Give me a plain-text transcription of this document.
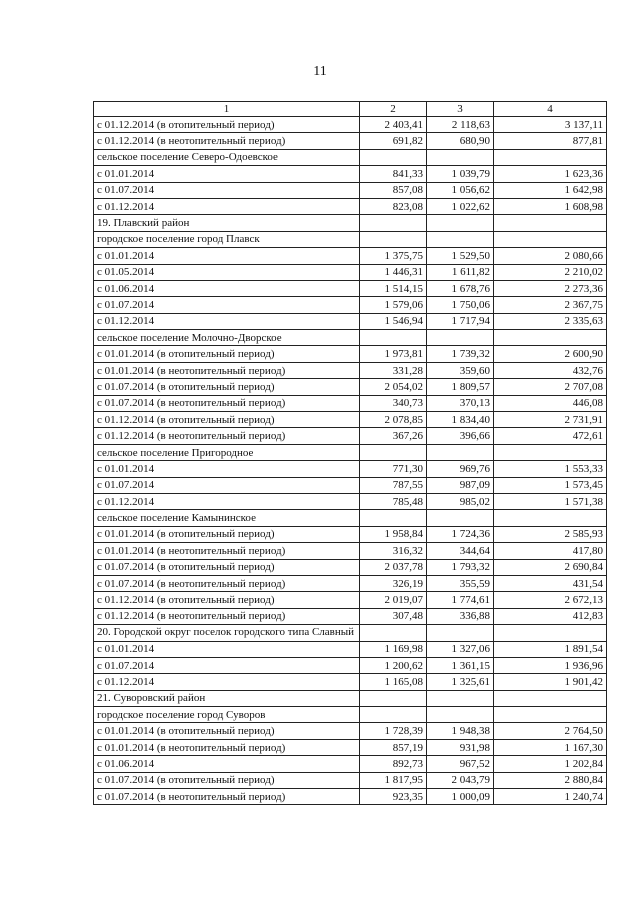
11
1	2	3	4
с 01.12.2014 (в отопительный период)	2 403,41	2 118,63	3 137,11
с 01.12.2014 (в неотопительный период)	691,82	680,90	877,81
сельское поселение Северо-Одоевское			
с 01.01.2014	841,33	1 039,79	1 623,36
с 01.07.2014	857,08	1 056,62	1 642,98
с 01.12.2014	823,08	1 022,62	1 608,98
19. Плавский район			
городское поселение город Плавск			
с 01.01.2014	1 375,75	1 529,50	2 080,66
с 01.05.2014	1 446,31	1 611,82	2 210,02
с 01.06.2014	1 514,15	1 678,76	2 273,36
с 01.07.2014	1 579,06	1 750,06	2 367,75
с 01.12.2014	1 546,94	1 717,94	2 335,63
сельское поселение Молочно-Дворское			
с 01.01.2014 (в отопительный период)	1 973,81	1 739,32	2 600,90
с 01.01.2014 (в неотопительный период)	331,28	359,60	432,76
с 01.07.2014 (в отопительный период)	2 054,02	1 809,57	2 707,08
с 01.07.2014 (в неотопительный период)	340,73	370,13	446,08
с 01.12.2014 (в отопительный период)	2 078,85	1 834,40	2 731,91
с 01.12.2014 (в неотопительный период)	367,26	396,66	472,61
сельское поселение Пригородное			
с 01.01.2014	771,30	969,76	1 553,33
с 01.07.2014	787,55	987,09	1 573,45
с 01.12.2014	785,48	985,02	1 571,38
сельское поселение Камынинское			
с 01.01.2014 (в отопительный период)	1 958,84	1 724,36	2 585,93
с 01.01.2014 (в неотопительный период)	316,32	344,64	417,80
с 01.07.2014 (в отопительный период)	2 037,78	1 793,32	2 690,84
с 01.07.2014 (в неотопительный период)	326,19	355,59	431,54
с 01.12.2014 (в отопительный период)	2 019,07	1 774,61	2 672,13
с 01.12.2014 (в неотопительный период)	307,48	336,88	412,83
20. Городской округ поселок городского типа Славный			
с 01.01.2014	1 169,98	1 327,06	1 891,54
с 01.07.2014	1 200,62	1 361,15	1 936,96
с 01.12.2014	1 165,08	1 325,61	1 901,42
21. Суворовский район			
городское поселение город Суворов			
с 01.01.2014 (в отопительный период)	1 728,39	1 948,38	2 764,50
с 01.01.2014 (в неотопительный период)	857,19	931,98	1 167,30
с 01.06.2014	892,73	967,52	1 202,84
с 01.07.2014 (в отопительный период)	1 817,95	2 043,79	2 880,84
с 01.07.2014 (в неотопительный период)	923,35	1 000,09	1 240,74
